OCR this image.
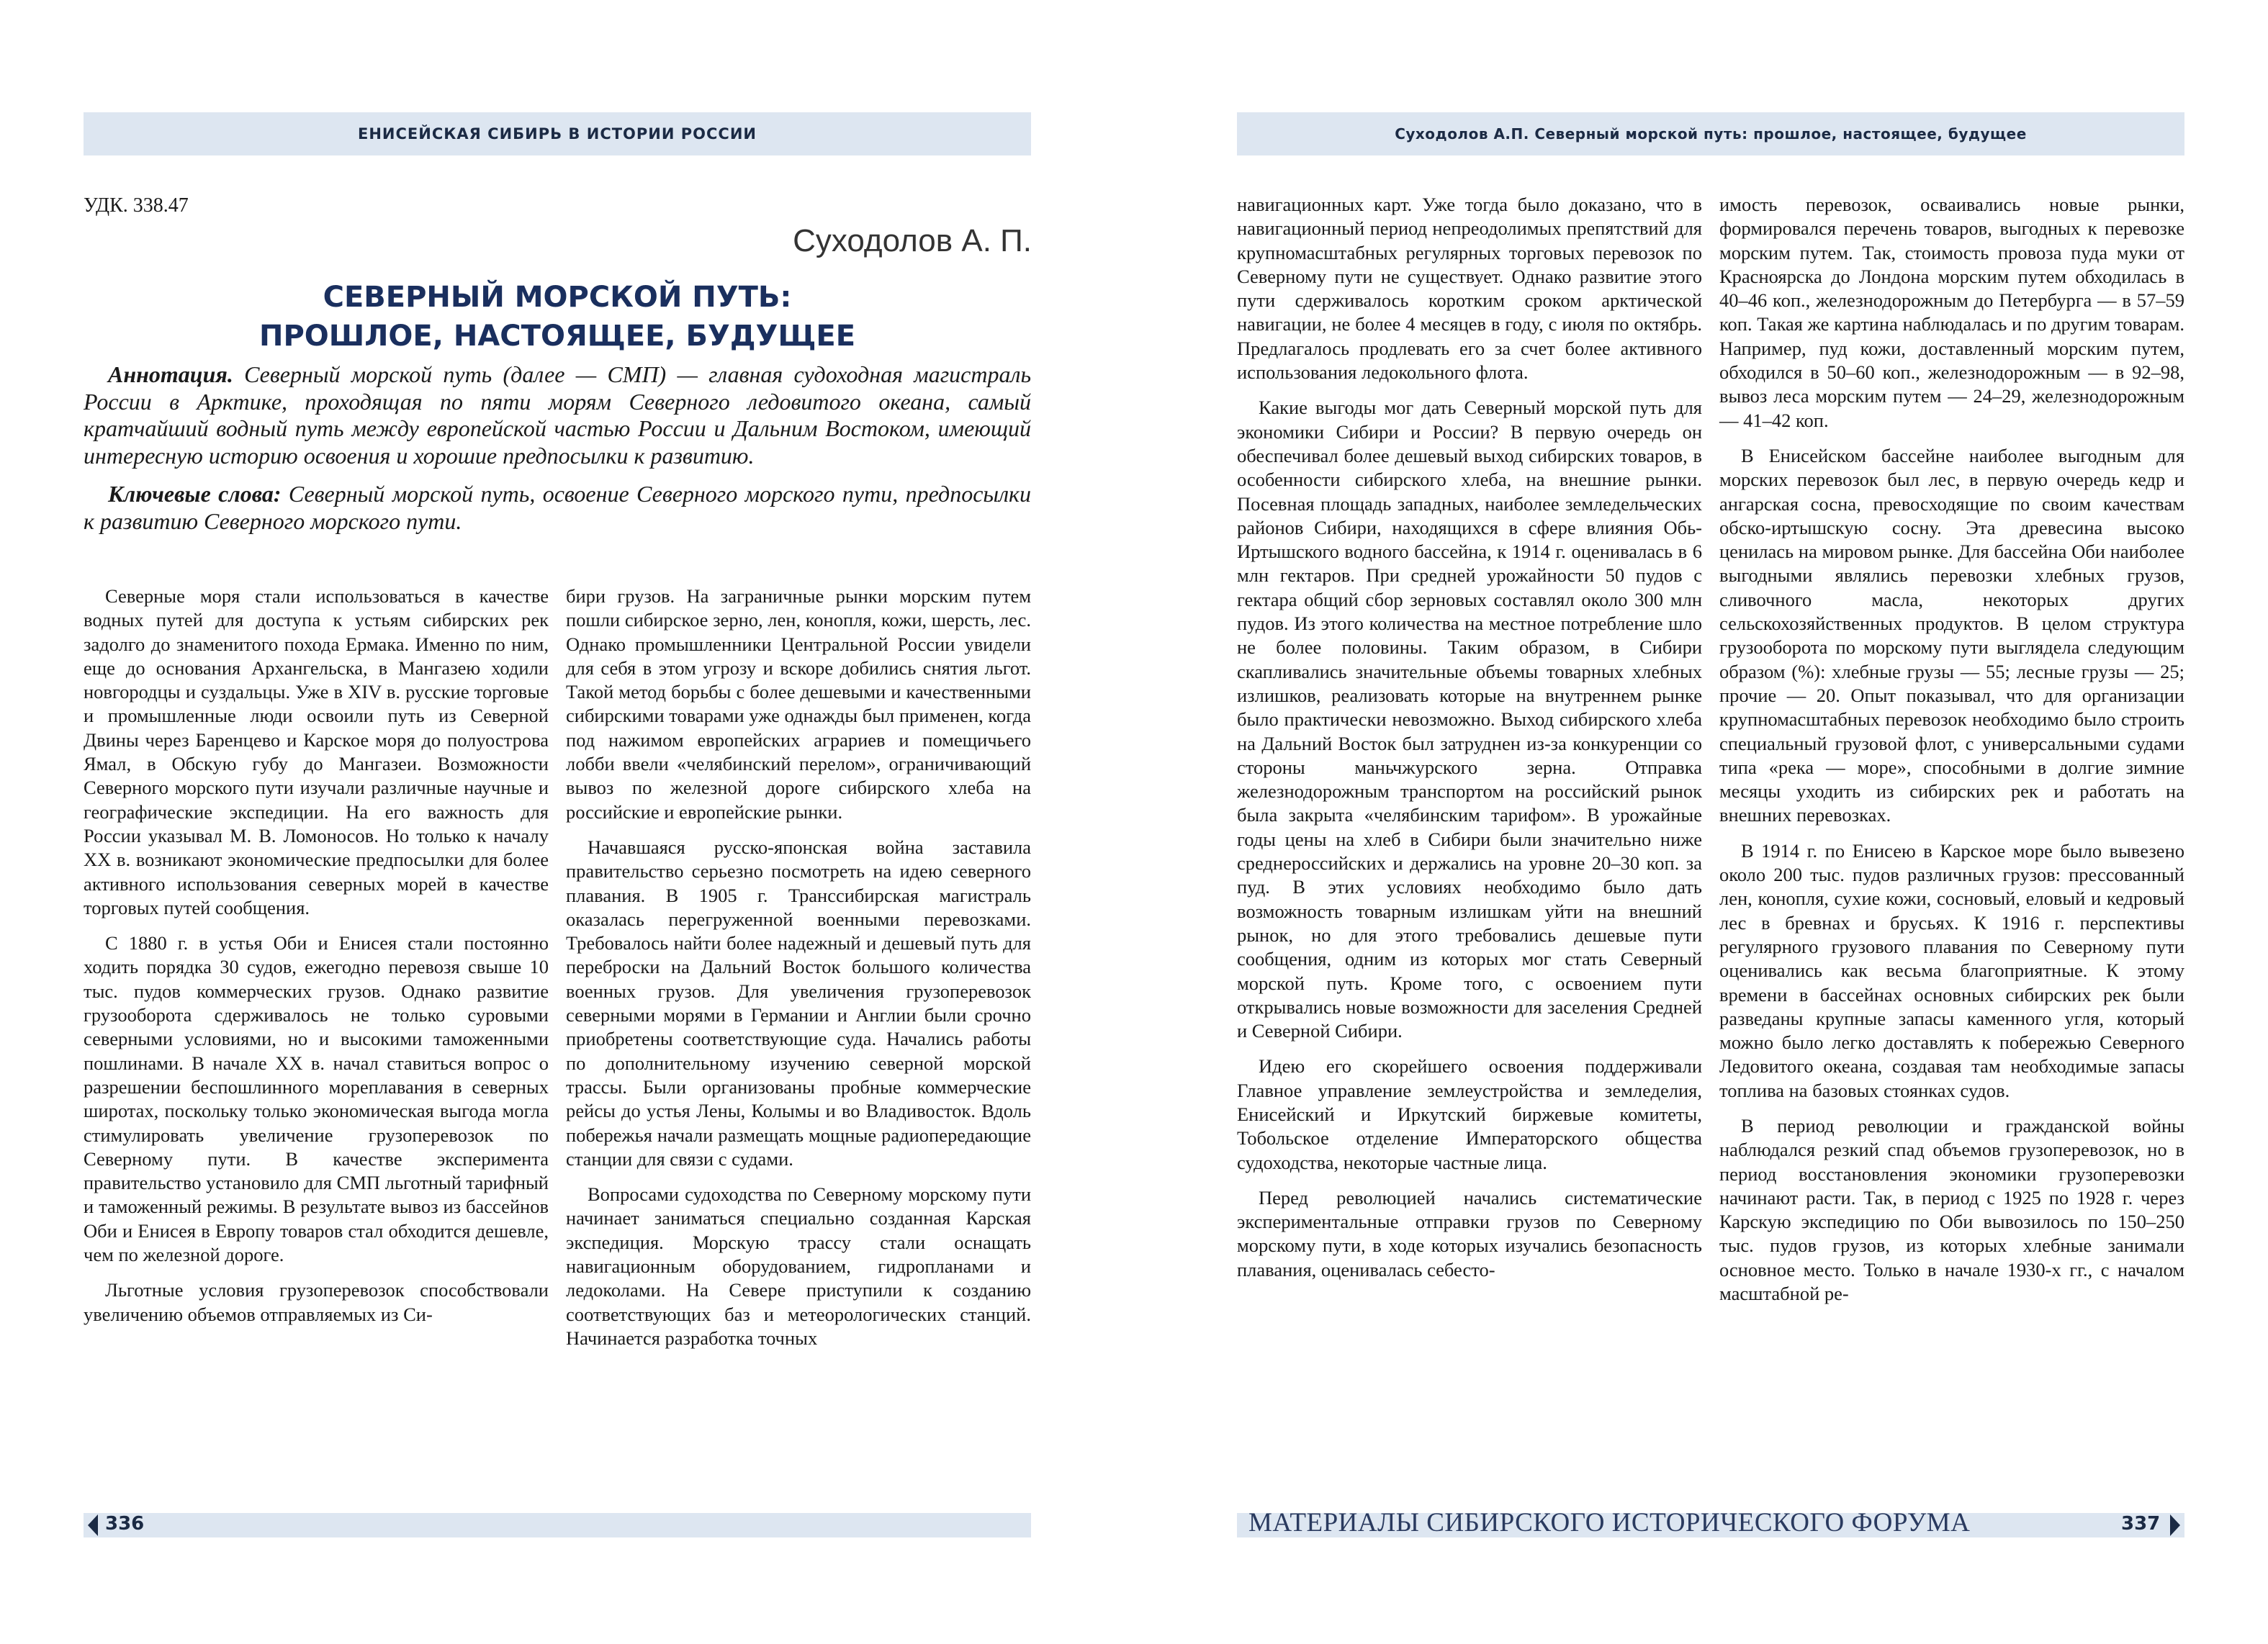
ЕНИСЕЙСКАЯ СИБИРЬ В ИСТОРИИ РОССИИ
УДК. 338.47
Суходолов А. П.
СЕВЕРНЫЙ МОРСКОЙ ПУТЬ:
ПРОШЛОЕ, НАСТОЯЩЕЕ, БУДУЩЕЕ

Аннотация. Северный морской путь (далее — СМП) — главная судоходная магистраль России в Арктике, проходящая по пяти морям Северного ледовитого океана, самый кратчайший водный путь между европейской частью России и Дальним Востоком, имеющий интересную историю освоения и хорошие предпосылки к развитию.

Ключевые слова: Северный морской путь, освоение Северного морского пути, предпосылки к развитию Северного морского пути.

Северные моря стали использоваться в качестве водных путей для доступа к устьям сибирских рек задолго до знаменитого похода Ермака. Именно по ним, еще до основания Архангельска, в Мангазею ходили новгородцы и суздальцы. Уже в XIV в. русские торговые и промышленные люди освоили путь из Северной Двины через Баренцево и Карское моря до полуострова Ямал, в Обскую губу до Мангазеи. Возможности Северного морского пути изучали различные научные и географические экспедиции. На его важность для России указывал М. В. Ломоносов. Но только к началу XX в. возникают экономические предпосылки для более активного использования северных морей в качестве торговых путей сообщения.

С 1880 г. в устья Оби и Енисея стали постоянно ходить порядка 30 судов, ежегодно перевозя свыше 10 тыс. пудов коммерческих грузов. Однако развитие грузооборота сдерживалось не только суровыми северными условиями, но и высокими таможенными пошлинами. В начале XX в. начал ставиться вопрос о разрешении беспошлинного мореплавания в северных широтах, поскольку только экономическая выгода могла стимулировать увеличение грузоперевозок по Северному пути. В качестве эксперимента правительство установило для СМП льготный тарифный и таможенный режимы. В результате вывоз из бассейнов Оби и Енисея в Европу товаров стал обходится дешевле, чем по железной дороге.

Льготные условия грузоперевозок способствовали увеличению объемов отправляемых из Си-

бири грузов. На заграничные рынки морским путем пошли сибирское зерно, лен, конопля, кожи, шерсть, лес. Однако промышленники Центральной России увидели для себя в этом угрозу и вскоре добились снятия льгот. Такой метод борьбы с более дешевыми и качественными сибирскими товарами уже однажды был применен, когда под нажимом европейских аграриев и помещичьего лобби ввели «челябинский перелом», ограничивающий вывоз по железной дороге сибирского хлеба на российские и европейские рынки.

Начавшаяся русско-японская война заставила правительство серьезно посмотреть на идею северного плавания. В 1905 г. Транссибирская магистраль оказалась перегруженной военными перевозками. Требовалось найти более надежный и дешевый путь для переброски на Дальний Восток большого количества военных грузов. Для увеличения грузоперевозок северными морями в Германии и Англии были срочно приобретены соответствующие суда. Начались работы по дополнительному изучению северной морской трассы. Были организованы пробные коммерческие рейсы до устья Лены, Колымы и во Владивосток. Вдоль побережья начали размещать мощные радиопередающие станции для связи с судами.

Вопросами судоходства по Северному морскому пути начинает заниматься специально созданная Карская экспедиция. Морскую трассу стали оснащать навигационным оборудованием, гидропланами и ледоколами. На Севере приступили к созданию соответствующих баз и метеорологических станций. Начинается разработка точных

336
Суходолов А.П. Северный морской путь: прошлое, настоящее, будущее

навигационных карт. Уже тогда было доказано, что в навигационный период непреодолимых препятствий для крупномасштабных регулярных торговых перевозок по Северному пути не существует. Однако развитие этого пути сдерживалось коротким сроком арктической навигации, не более 4 месяцев в году, с июля по октябрь. Предлагалось продлевать его за счет более активного использования ледокольного флота.

Какие выгоды мог дать Северный морской путь для экономики Сибири и России? В первую очередь он обеспечивал более дешевый выход сибирских товаров, в особенности сибирского хлеба, на внешние рынки. Посевная площадь западных, наиболее земледельческих районов Сибири, находящихся в сфере влияния Обь-Иртышского водного бассейна, к 1914 г. оценивалась в 6 млн гектаров. При средней урожайности 50 пудов с гектара общий сбор зерновых составлял около 300 млн пудов. Из этого количества на местное потребление шло не более половины. Таким образом, в Сибири скапливались значительные объемы товарных хлебных излишков, реализовать которые на внутреннем рынке было практически невозможно. Выход сибирского хлеба на Дальний Восток был затруднен из-за конкуренции со стороны маньчжурского зерна. Отправка железнодорожным транспортом на российский рынок была закрыта «челябинским тарифом». В урожайные годы цены на хлеб в Сибири были значительно ниже среднероссийских и держались на уровне 20–30 коп. за пуд. В этих условиях необходимо было дать возможность товарным излишкам уйти на внешний рынок, но для этого требовались дешевые пути сообщения, одним из которых мог стать Северный морской путь. Кроме того, с освоением пути открывались новые возможности для заселения Средней и Северной Сибири.

Идею его скорейшего освоения поддерживали Главное управление землеустройства и земледелия, Енисейский и Иркутский биржевые комитеты, Тобольское отделение Императорского общества судоходства, некоторые частные лица.

Перед революцией начались систематические экспериментальные отправки грузов по Северному морскому пути, в ходе которых изучались безопасность плавания, оценивалась себесто-

имость перевозок, осваивались новые рынки, формировался перечень товаров, выгодных к перевозке морским путем. Так, стоимость провоза пуда муки от Красноярска до Лондона морским путем обходилась в 40–46 коп., железнодорожным до Петербурга — в 57–59 коп. Такая же картина наблюдалась и по другим товарам. Например, пуд кожи, доставленный морским путем, обходился в 50–60 коп., железнодорожным — в 92–98, вывоз леса морским путем — 24–29, железнодорожным — 41–42 коп.

В Енисейском бассейне наиболее выгодным для морских перевозок был лес, в первую очередь кедр и ангарская сосна, превосходящие по своим качествам обско-иртышскую сосну. Эта древесина высоко ценилась на мировом рынке. Для бассейна Оби наиболее выгодными являлись перевозки хлебных грузов, сливочного масла, некоторых других сельскохозяйственных продуктов. В целом структура грузооборота по морскому пути выглядела следующим образом (%): хлебные грузы — 55; лесные грузы — 25; прочие — 20. Опыт показывал, что для организации крупномасштабных перевозок необходимо было строить специальный грузовой флот, с универсальными судами типа «река — море», способными в долгие зимние месяцы уходить из сибирских рек и работать на внешних перевозках.

В 1914 г. по Енисею в Карское море было вывезено около 200 тыс. пудов различных грузов: прессованный лен, конопля, сухие кожи, сосновый, еловый и кедровый лес в бревнах и брусьях. К 1916 г. перспективы регулярного грузового плавания по Северному пути оценивались как весьма благоприятные. К этому времени в бассейнах основных сибирских рек были разведаны крупные запасы каменного угля, который можно было легко доставлять к побережью Северного Ледовитого океана, создавая там необходимые запасы топлива на базовых стоянках судов.

В период революции и гражданской войны наблюдался резкий спад объемов грузоперевозок, но в период восстановления экономики грузоперевозки начинают расти. Так, в период с 1925 по 1928 г. через Карскую экспедицию по Оби вывозилось по 150–250 тыс. пудов грузов, из которых хлебные занимали основное место. Только в начале 1930-х гг., с началом масштабной ре-

МАТЕРИАЛЫ СИБИРСКОГО ИСТОРИЧЕСКОГО ФОРУМА	337
